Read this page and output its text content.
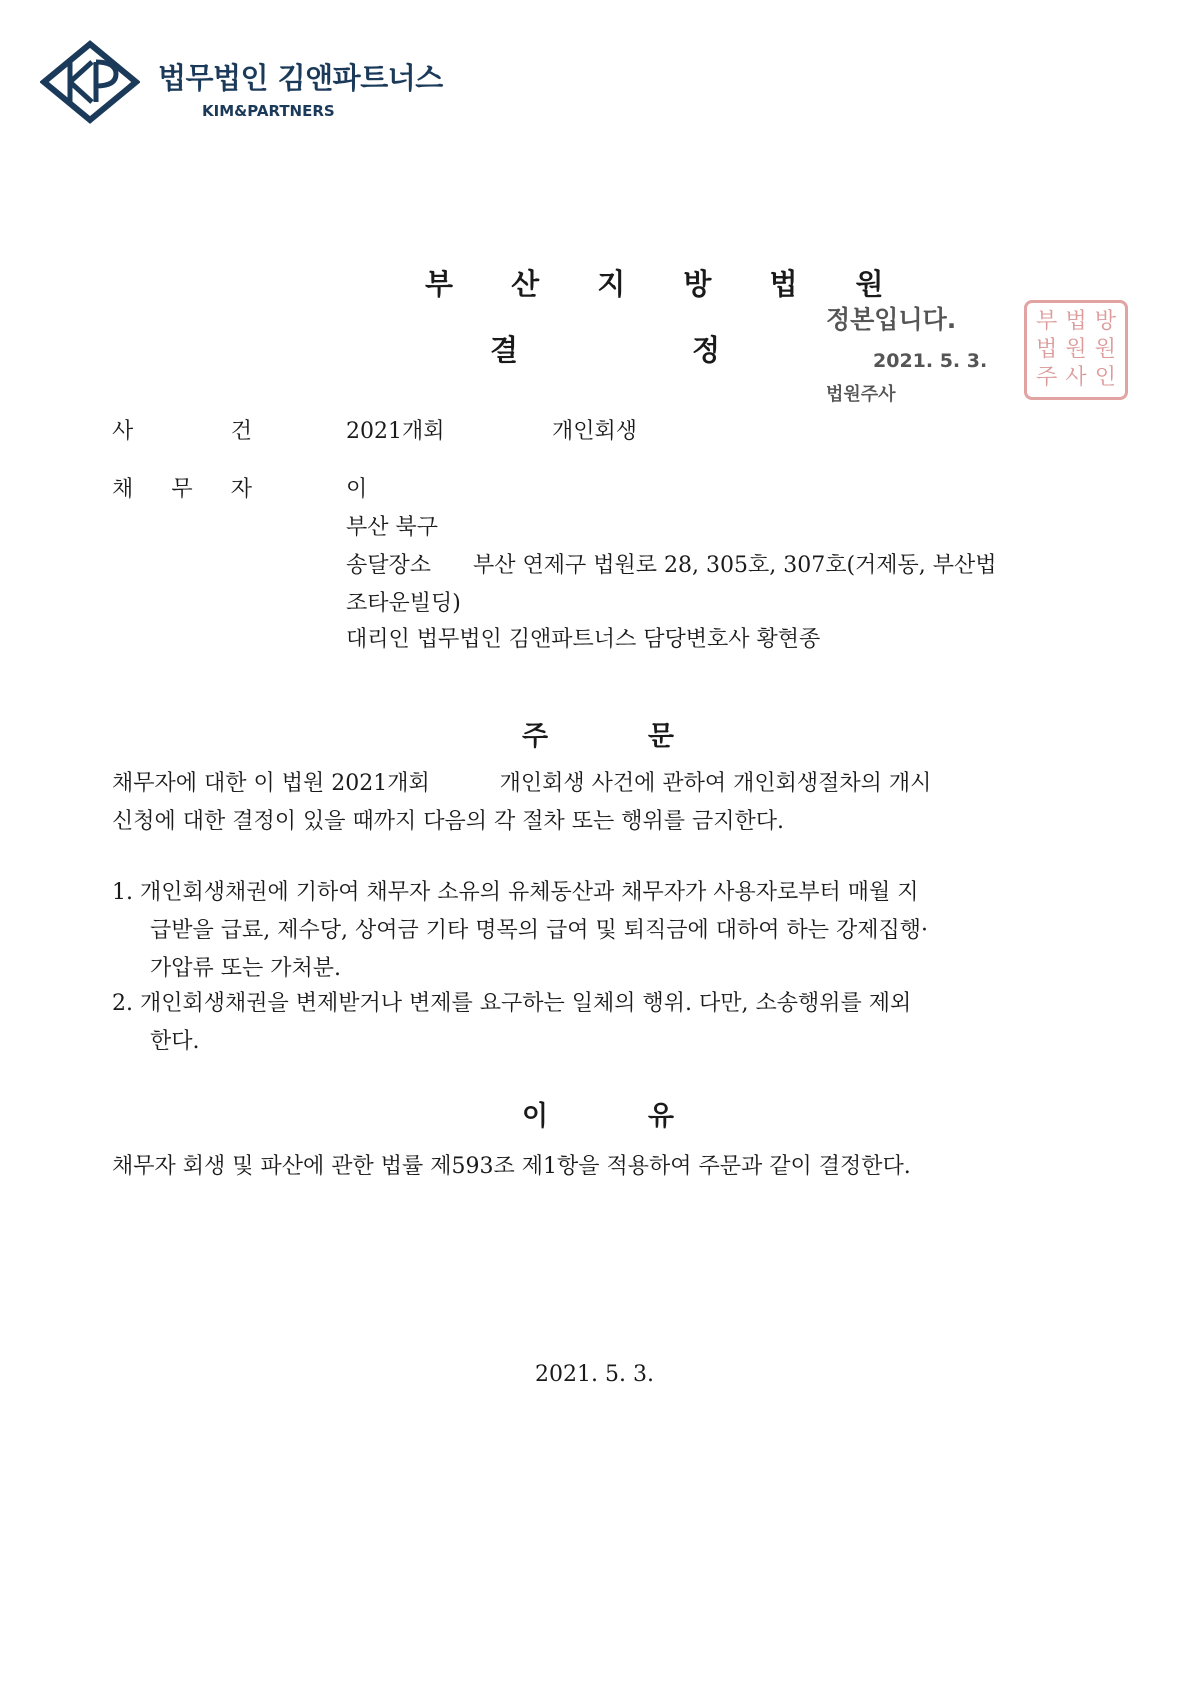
법무법인 김앤파트너스
KIM&PARTNERS
부 산 지 방 법 원
결	정
정본입니다.
2021. 5. 3.
법원주사
부 법 방
법 원 원
주 사 인
사	건	2021개회	개인회생
채 무 자	이
부산 북구
송달장소 부산 연제구 법원로 28, 305호, 307호(거제동, 부산법
조타운빌딩)
대리인 법무법인 김앤파트너스 담당변호사 황현종
주	문
채무자에 대한 이 법원 2021개회          개인회생 사건에 관하여 개인회생절차의 개시
신청에 대한 결정이 있을 때까지 다음의 각 절차 또는 행위를 금지한다.
1. 개인회생채권에 기하여 채무자 소유의 유체동산과 채무자가 사용자로부터 매월 지
급받을 급료, 제수당, 상여금 기타 명목의 급여 및 퇴직금에 대하여 하는 강제집행·
가압류 또는 가처분.
2. 개인회생채권을 변제받거나 변제를 요구하는 일체의 행위. 다만, 소송행위를 제외
한다.
이	유
채무자 회생 및 파산에 관한 법률 제593조 제1항을 적용하여 주문과 같이 결정한다.
2021. 5. 3.
